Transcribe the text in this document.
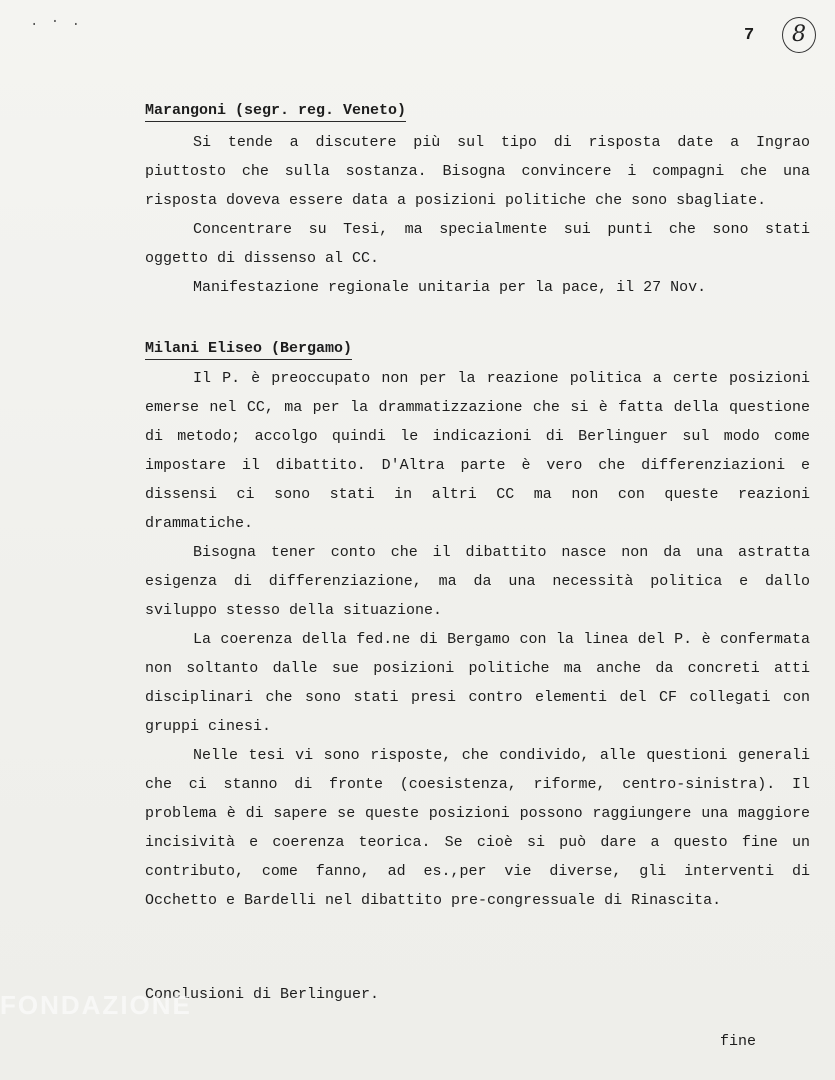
. · .
7	8
Marangoni (segr. reg. Veneto)

Si tende a discutere più sul tipo di risposta date a Ingrao piuttosto che sulla sostanza. Bisogna convincere i compagni che una risposta doveva essere data a posizioni politiche che sono sbagliate.

Concentrare su Tesi, ma specialmente sui punti che sono stati oggetto di dissenso al CC.

Manifestazione regionale unitaria per la pace, il 27 Nov.

Milani Eliseo (Bergamo)

Il P. è preoccupato non per la reazione politica a certe posizioni emerse nel CC, ma per la drammatizzazione che si è fatta della questione di metodo; accolgo quindi le indicazioni di Berlinguer sul modo come impostare il dibattito. D'Altra parte è vero che differenziazioni e dissensi ci sono stati in altri CC ma non con queste reazioni drammatiche.

Bisogna tener conto che il dibattito nasce non da una astratta esigenza di differenziazione, ma da una necessità politica e dallo sviluppo stesso della situazione.

La coerenza della fed.ne di Bergamo con la linea del P. è confermata non soltanto dalle sue posizioni politiche ma anche da concreti atti disciplinari che sono stati presi contro elementi del CF collegati con gruppi cinesi.

Nelle tesi vi sono risposte, che condivido, alle questioni generali che ci stanno di fronte (coesistenza, riforme, centro-sinistra). Il problema è di sapere se queste posizioni possono raggiungere una maggiore incisività e coerenza teorica. Se cioè si può dare a questo fine un contributo, come fanno, ad es.,per vie diverse, gli interventi di Occhetto e Bardelli nel dibattito pre-congressuale di Rinascita.

Conclusioni di Berlinguer.
fine
FONDAZIONE
